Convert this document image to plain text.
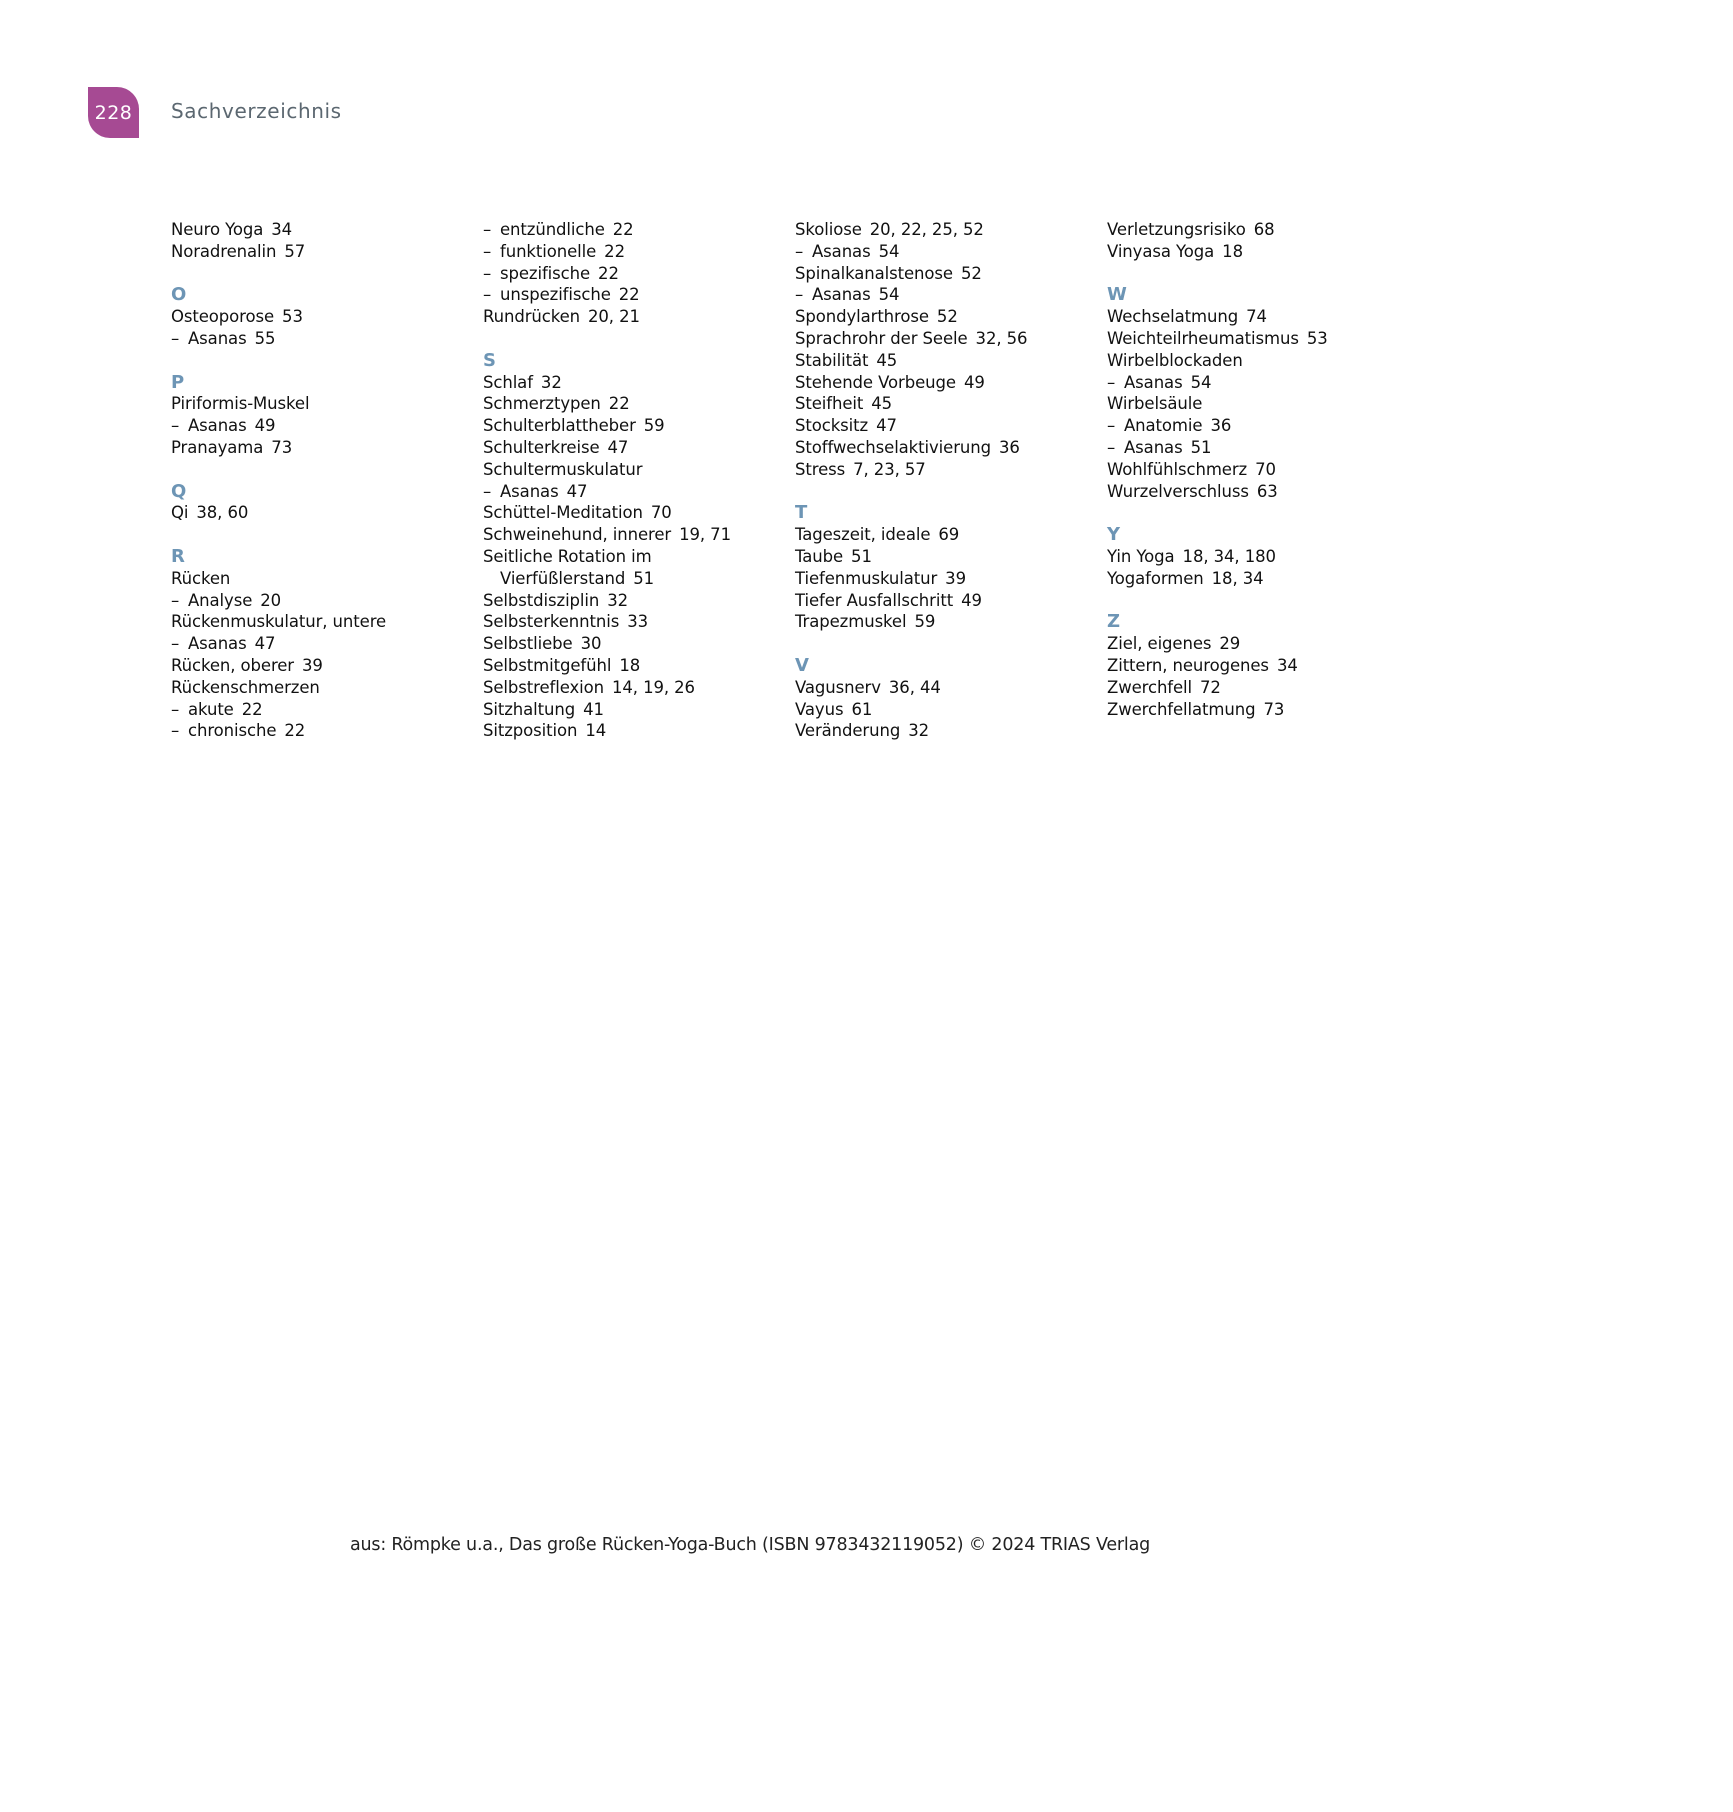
228 Sachverzeichnis
Neuro Yoga 34
Noradrenalin 57
O
Osteoporose 53
– Asanas 55
P
Piriformis-Muskel
– Asanas 49
Pranayama 73
Q
Qi 38, 60
R
Rücken
– Analyse 20
Rückenmuskulatur, untere
– Asanas 47
Rücken, oberer 39
Rückenschmerzen
– akute 22
– chronische 22
– entzündliche 22
– funktionelle 22
– spezifische 22
– unspezifische 22
Rundrücken 20, 21
S
Schlaf 32
Schmerztypen 22
Schulterblattheber 59
Schulterkreise 47
Schultermuskulatur
– Asanas 47
Schüttel-Meditation 70
Schweinehund, innerer 19, 71
Seitliche Rotation im
Vierfüßlerstand 51
Selbstdisziplin 32
Selbsterkenntnis 33
Selbstliebe 30
Selbstmitgefühl 18
Selbstreflexion 14, 19, 26
Sitzhaltung 41
Sitzposition 14
Skoliose 20, 22, 25, 52
– Asanas 54
Spinalkanalstenose 52
– Asanas 54
Spondylarthrose 52
Sprachrohr der Seele 32, 56
Stabilität 45
Stehende Vorbeuge 49
Steifheit 45
Stocksitz 47
Stoffwechselaktivierung 36
Stress 7, 23, 57
T
Tageszeit, ideale 69
Taube 51
Tiefenmuskulatur 39
Tiefer Ausfallschritt 49
Trapezmuskel 59
V
Vagusnerv 36, 44
Vayus 61
Veränderung 32
Verletzungsrisiko 68
Vinyasa Yoga 18
W
Wechselatmung 74
Weichteilrheumatismus 53
Wirbelblockaden
– Asanas 54
Wirbelsäule
– Anatomie 36
– Asanas 51
Wohlfühlschmerz 70
Wurzelverschluss 63
Y
Yin Yoga 18, 34, 180
Yogaformen 18, 34
Z
Ziel, eigenes 29
Zittern, neurogenes 34
Zwerchfell 72
Zwerchfellatmung 73
aus: Römpke u.a., Das große Rücken-Yoga-Buch (ISBN 9783432119052) © 2024 TRIAS Verlag
